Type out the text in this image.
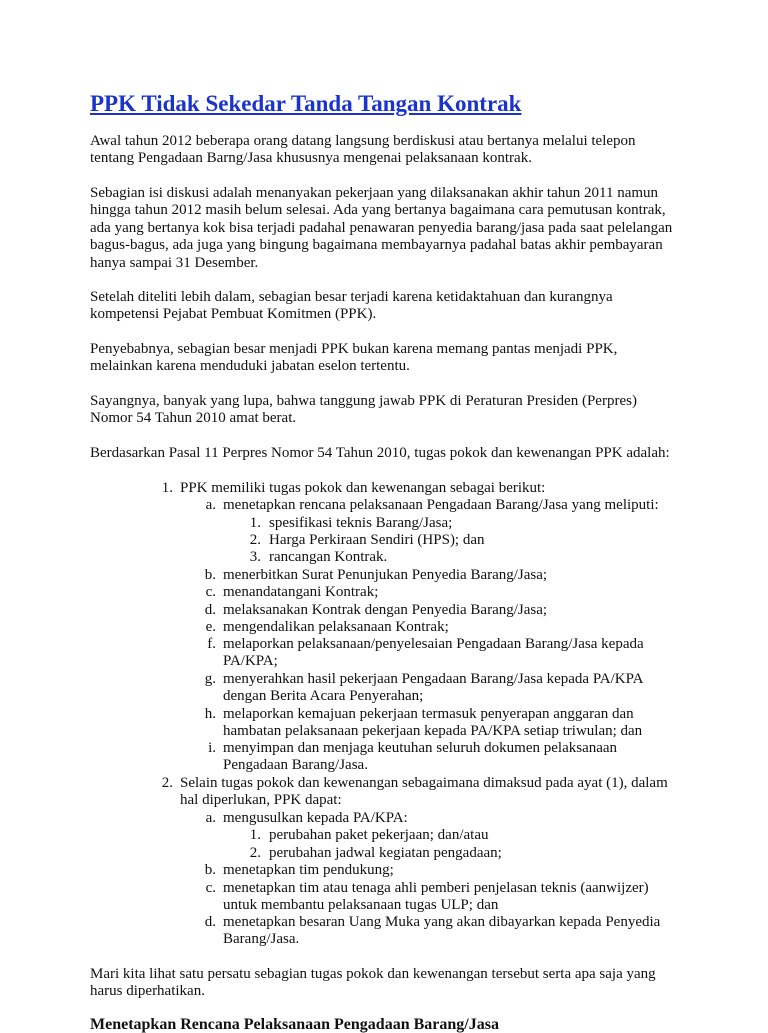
PPK Tidak Sekedar Tanda Tangan Kontrak

Awal tahun 2012 beberapa orang datang langsung berdiskusi atau bertanya melalui telepon
tentang Pengadaan Barng/Jasa khususnya mengenai pelaksanaan kontrak.

Sebagian isi diskusi adalah menanyakan pekerjaan yang dilaksanakan akhir tahun 2011 namun
hingga tahun 2012 masih belum selesai. Ada yang bertanya bagaimana cara pemutusan kontrak,
ada yang bertanya kok bisa terjadi padahal penawaran penyedia barang/jasa pada saat pelelangan
bagus-bagus, ada juga yang bingung bagaimana membayarnya padahal batas akhir pembayaran
hanya sampai 31 Desember.

Setelah diteliti lebih dalam, sebagian besar terjadi karena ketidaktahuan dan kurangnya
kompetensi Pejabat Pembuat Komitmen (PPK).

Penyebabnya, sebagian besar menjadi PPK bukan karena memang pantas menjadi PPK,
melainkan karena menduduki jabatan eselon tertentu.

Sayangnya, banyak yang lupa, bahwa tanggung jawab PPK di Peraturan Presiden (Perpres)
Nomor 54 Tahun 2010 amat berat.

Berdasarkan Pasal 11 Perpres Nomor 54 Tahun 2010, tugas pokok dan kewenangan PPK adalah:

1. PPK memiliki tugas pokok dan kewenangan sebagai berikut:
a. menetapkan rencana pelaksanaan Pengadaan Barang/Jasa yang meliputi:
1. spesifikasi teknis Barang/Jasa;
2. Harga Perkiraan Sendiri (HPS); dan
3. rancangan Kontrak.
b. menerbitkan Surat Penunjukan Penyedia Barang/Jasa;
c. menandatangani Kontrak;
d. melaksanakan Kontrak dengan Penyedia Barang/Jasa;
e. mengendalikan pelaksanaan Kontrak;
f. melaporkan pelaksanaan/penyelesaian Pengadaan Barang/Jasa kepada
PA/KPA;
g. menyerahkan hasil pekerjaan Pengadaan Barang/Jasa kepada PA/KPA
dengan Berita Acara Penyerahan;
h. melaporkan kemajuan pekerjaan termasuk penyerapan anggaran dan
hambatan pelaksanaan pekerjaan kepada PA/KPA setiap triwulan; dan
i. menyimpan dan menjaga keutuhan seluruh dokumen pelaksanaan
Pengadaan Barang/Jasa.
2. Selain tugas pokok dan kewenangan sebagaimana dimaksud pada ayat (1), dalam
hal diperlukan, PPK dapat:
a. mengusulkan kepada PA/KPA:
1. perubahan paket pekerjaan; dan/atau
2. perubahan jadwal kegiatan pengadaan;
b. menetapkan tim pendukung;
c. menetapkan tim atau tenaga ahli pemberi penjelasan teknis (aanwijzer)
untuk membantu pelaksanaan tugas ULP; dan
d. menetapkan besaran Uang Muka yang akan dibayarkan kepada Penyedia
Barang/Jasa.

Mari kita lihat satu persatu sebagian tugas pokok dan kewenangan tersebut serta apa saja yang
harus diperhatikan.

Menetapkan Rencana Pelaksanaan Pengadaan Barang/Jasa
